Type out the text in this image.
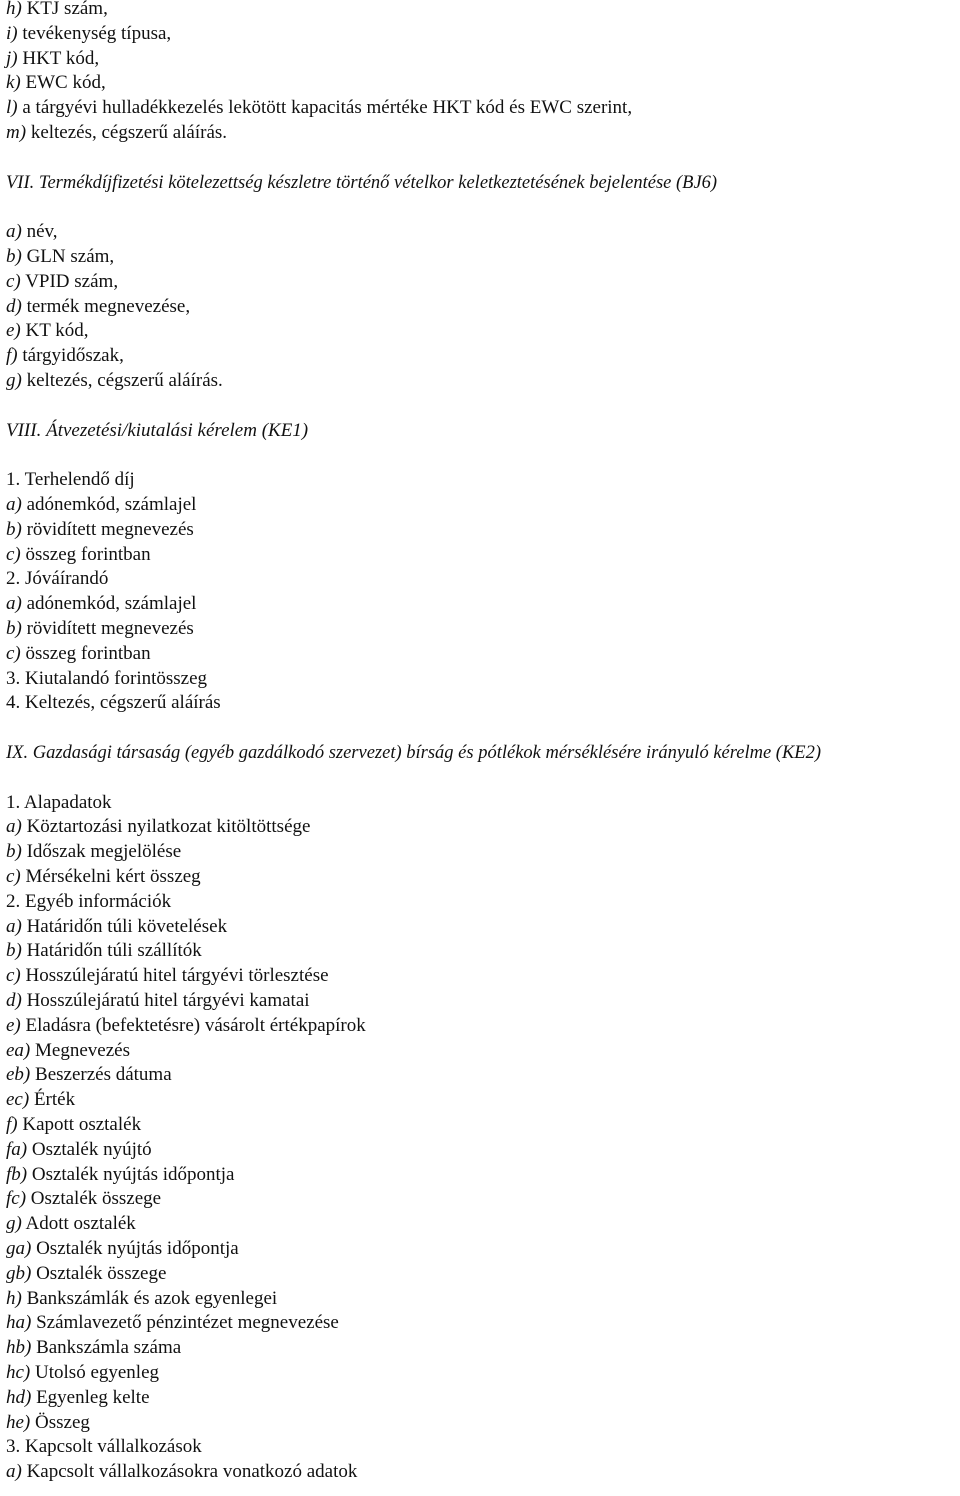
h) KTJ szám,
i) tevékenység típusa,
j) HKT kód,
k) EWC kód,
l) a tárgyévi hulladékkezelés lekötött kapacitás mértéke HKT kód és EWC szerint,
m) keltezés, cégszerű aláírás.
VII. Termékdíjfizetési kötelezettség készletre történő vételkor keletkeztetésének bejelentése (BJ6)
a) név,
b) GLN szám,
c) VPID szám,
d) termék megnevezése,
e) KT kód,
f) tárgyidőszak,
g) keltezés, cégszerű aláírás.
VIII. Átvezetési/kiutalási kérelem (KE1)
1. Terhelendő díj
a) adónemkód, számlajel
b) rövidített megnevezés
c) összeg forintban
2. Jóváírandó
a) adónemkód, számlajel
b) rövidített megnevezés
c) összeg forintban
3. Kiutalandó forintösszeg
4. Keltezés, cégszerű aláírás
IX. Gazdasági társaság (egyéb gazdálkodó szervezet) bírság és pótlékok mérséklésére irányuló kérelme (KE2)
1. Alapadatok
a) Köztartozási nyilatkozat kitöltöttsége
b) Időszak megjelölése
c) Mérsékelni kért összeg
2. Egyéb információk
a) Határidőn túli követelések
b) Határidőn túli szállítók
c) Hosszúlejáratú hitel tárgyévi törlesztése
d) Hosszúlejáratú hitel tárgyévi kamatai
e) Eladásra (befektetésre) vásárolt értékpapírok
ea) Megnevezés
eb) Beszerzés dátuma
ec) Érték
f) Kapott osztalék
fa) Osztalék nyújtó
fb) Osztalék nyújtás időpontja
fc) Osztalék összege
g) Adott osztalék
ga) Osztalék nyújtás időpontja
gb) Osztalék összege
h) Bankszámlák és azok egyenlegei
ha) Számlavezető pénzintézet megnevezése
hb) Bankszámla száma
hc) Utolsó egyenleg
hd) Egyenleg kelte
he) Összeg
3. Kapcsolt vállalkozások
a) Kapcsolt vállalkozásokra vonatkozó adatok
